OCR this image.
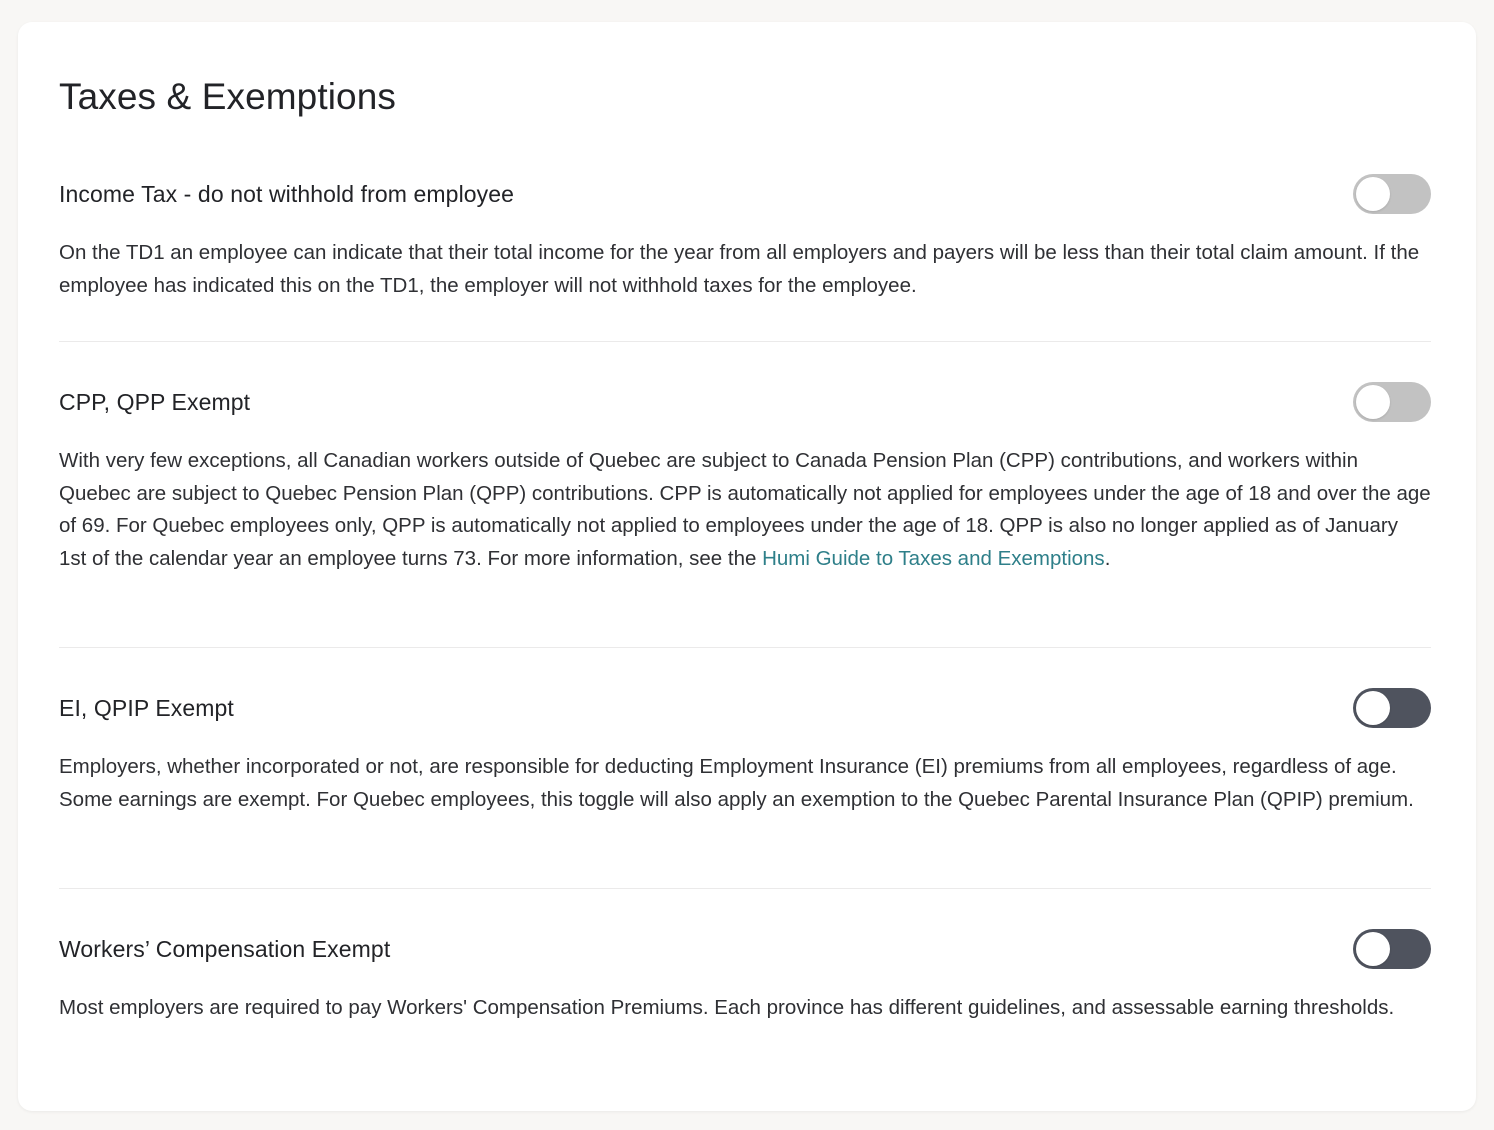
Taxes & Exemptions
Income Tax - do not withhold from employee

On the TD1 an employee can indicate that their total income for the year from all employers and payers will be less than their total claim amount. If the employee has indicated this on the TD1, the employer will not withhold taxes for the employee.

CPP, QPP Exempt

With very few exceptions, all Canadian workers outside of Quebec are subject to Canada Pension Plan (CPP) contributions, and workers within Quebec are subject to Quebec Pension Plan (QPP) contributions. CPP is automatically not applied for employees under the age of 18 and over the age of 69. For Quebec employees only, QPP is automatically not applied to employees under the age of 18. QPP is also no longer applied as of January 1st of the calendar year an employee turns 73. For more information, see the Humi Guide to Taxes and Exemptions.

EI, QPIP Exempt

Employers, whether incorporated or not, are responsible for deducting Employment Insurance (EI) premiums from all employees, regardless of age. Some earnings are exempt. For Quebec employees, this toggle will also apply an exemption to the Quebec Parental Insurance Plan (QPIP) premium.

Workers’ Compensation Exempt

Most employers are required to pay Workers' Compensation Premiums. Each province has different guidelines, and assessable earning thresholds.
